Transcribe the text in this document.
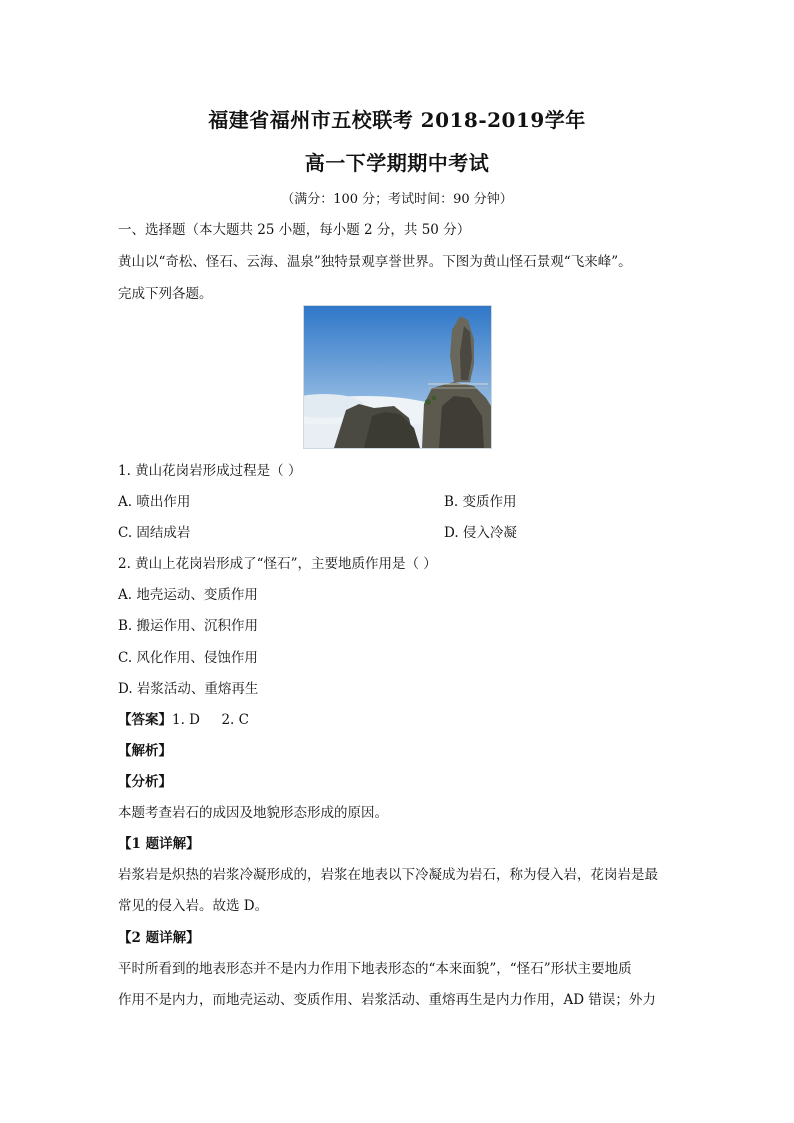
福建省福州市五校联考 2018-2019学年
高一下学期期中考试
（满分：100 分；考试时间：90 分钟）
一、选择题（本大题共 25 小题，每小题 2 分，共 50 分）
黄山以“奇松、怪石、云海、温泉”独特景观享誉世界。下图为黄山怪石景观“飞来峰”。
完成下列各题。
1. 黄山花岗岩形成过程是（ ）
A. 喷出作用	B. 变质作用
C. 固结成岩	D. 侵入冷凝
2. 黄山上花岗岩形成了“怪石”，主要地质作用是（ ）
A. 地壳运动、变质作用
B. 搬运作用、沉积作用
C. 风化作用、侵蚀作用
D. 岩浆活动、重熔再生
【答案】1. D     2. C
【解析】
【分析】
本题考查岩石的成因及地貌形态形成的原因。
【1 题详解】
岩浆岩是炽热的岩浆冷凝形成的，岩浆在地表以下冷凝成为岩石，称为侵入岩，花岗岩是最
常见的侵入岩。故选 D。
【2 题详解】
平时所看到的地表形态并不是内力作用下地表形态的“本来面貌”，“怪石”形状主要地质
作用不是内力，而地壳运动、变质作用、岩浆活动、重熔再生是内力作用，AD 错误；外力
